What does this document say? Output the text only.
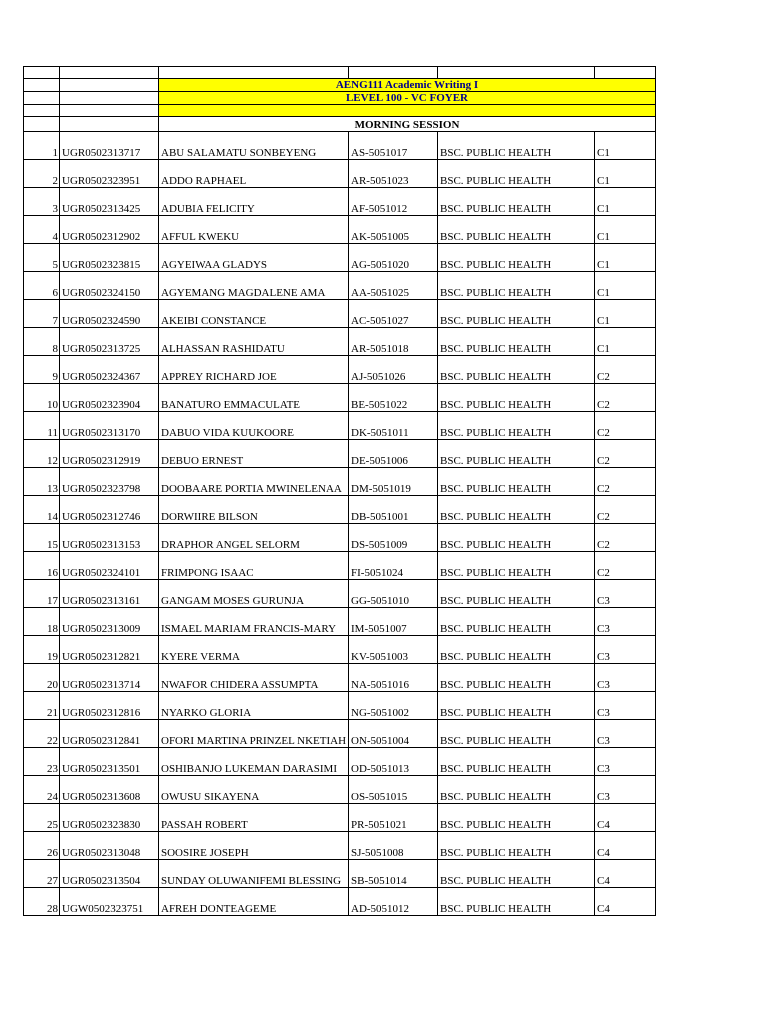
		AENG111 Academic Writing I			
		LEVEL 100 - VC FOYER			

		MORNING SESSION			
1	UGR0502313717	ABU SALAMATU SONBEYENG	AS-5051017	BSC. PUBLIC HEALTH	C1
2	UGR0502323951	ADDO RAPHAEL	AR-5051023	BSC. PUBLIC HEALTH	C1
3	UGR0502313425	ADUBIA FELICITY	AF-5051012	BSC. PUBLIC HEALTH	C1
4	UGR0502312902	AFFUL KWEKU	AK-5051005	BSC. PUBLIC HEALTH	C1
5	UGR0502323815	AGYEIWAA GLADYS	AG-5051020	BSC. PUBLIC HEALTH	C1
6	UGR0502324150	AGYEMANG MAGDALENE AMA	AA-5051025	BSC. PUBLIC HEALTH	C1
7	UGR0502324590	AKEIBI CONSTANCE	AC-5051027	BSC. PUBLIC HEALTH	C1
8	UGR0502313725	ALHASSAN RASHIDATU	AR-5051018	BSC. PUBLIC HEALTH	C1
9	UGR0502324367	APPREY RICHARD JOE	AJ-5051026	BSC. PUBLIC HEALTH	C2
10	UGR0502323904	BANATURO EMMACULATE	BE-5051022	BSC. PUBLIC HEALTH	C2
11	UGR0502313170	DABUO VIDA KUUKOORE	DK-5051011	BSC. PUBLIC HEALTH	C2
12	UGR0502312919	DEBUO ERNEST	DE-5051006	BSC. PUBLIC HEALTH	C2
13	UGR0502323798	DOOBAARE PORTIA MWINELENAA	DM-5051019	BSC. PUBLIC HEALTH	C2
14	UGR0502312746	DORWIIRE BILSON	DB-5051001	BSC. PUBLIC HEALTH	C2
15	UGR0502313153	DRAPHOR ANGEL SELORM	DS-5051009	BSC. PUBLIC HEALTH	C2
16	UGR0502324101	FRIMPONG ISAAC	FI-5051024	BSC. PUBLIC HEALTH	C2
17	UGR0502313161	GANGAM MOSES GURUNJA	GG-5051010	BSC. PUBLIC HEALTH	C3
18	UGR0502313009	ISMAEL MARIAM FRANCIS-MARY	IM-5051007	BSC. PUBLIC HEALTH	C3
19	UGR0502312821	KYERE VERMA	KV-5051003	BSC. PUBLIC HEALTH	C3
20	UGR0502313714	NWAFOR CHIDERA ASSUMPTA	NA-5051016	BSC. PUBLIC HEALTH	C3
21	UGR0502312816	NYARKO GLORIA	NG-5051002	BSC. PUBLIC HEALTH	C3
22	UGR0502312841	OFORI MARTINA PRINZEL NKETIAH	ON-5051004	BSC. PUBLIC HEALTH	C3
23	UGR0502313501	OSHIBANJO LUKEMAN DARASIMI	OD-5051013	BSC. PUBLIC HEALTH	C3
24	UGR0502313608	OWUSU SIKAYENA	OS-5051015	BSC. PUBLIC HEALTH	C3
25	UGR0502323830	PASSAH ROBERT	PR-5051021	BSC. PUBLIC HEALTH	C4
26	UGR0502313048	SOOSIRE JOSEPH	SJ-5051008	BSC. PUBLIC HEALTH	C4
27	UGR0502313504	SUNDAY OLUWANIFEMI BLESSING	SB-5051014	BSC. PUBLIC HEALTH	C4
28	UGW0502323751	AFREH DONTEAGEME	AD-5051012	BSC. PUBLIC HEALTH	C4
